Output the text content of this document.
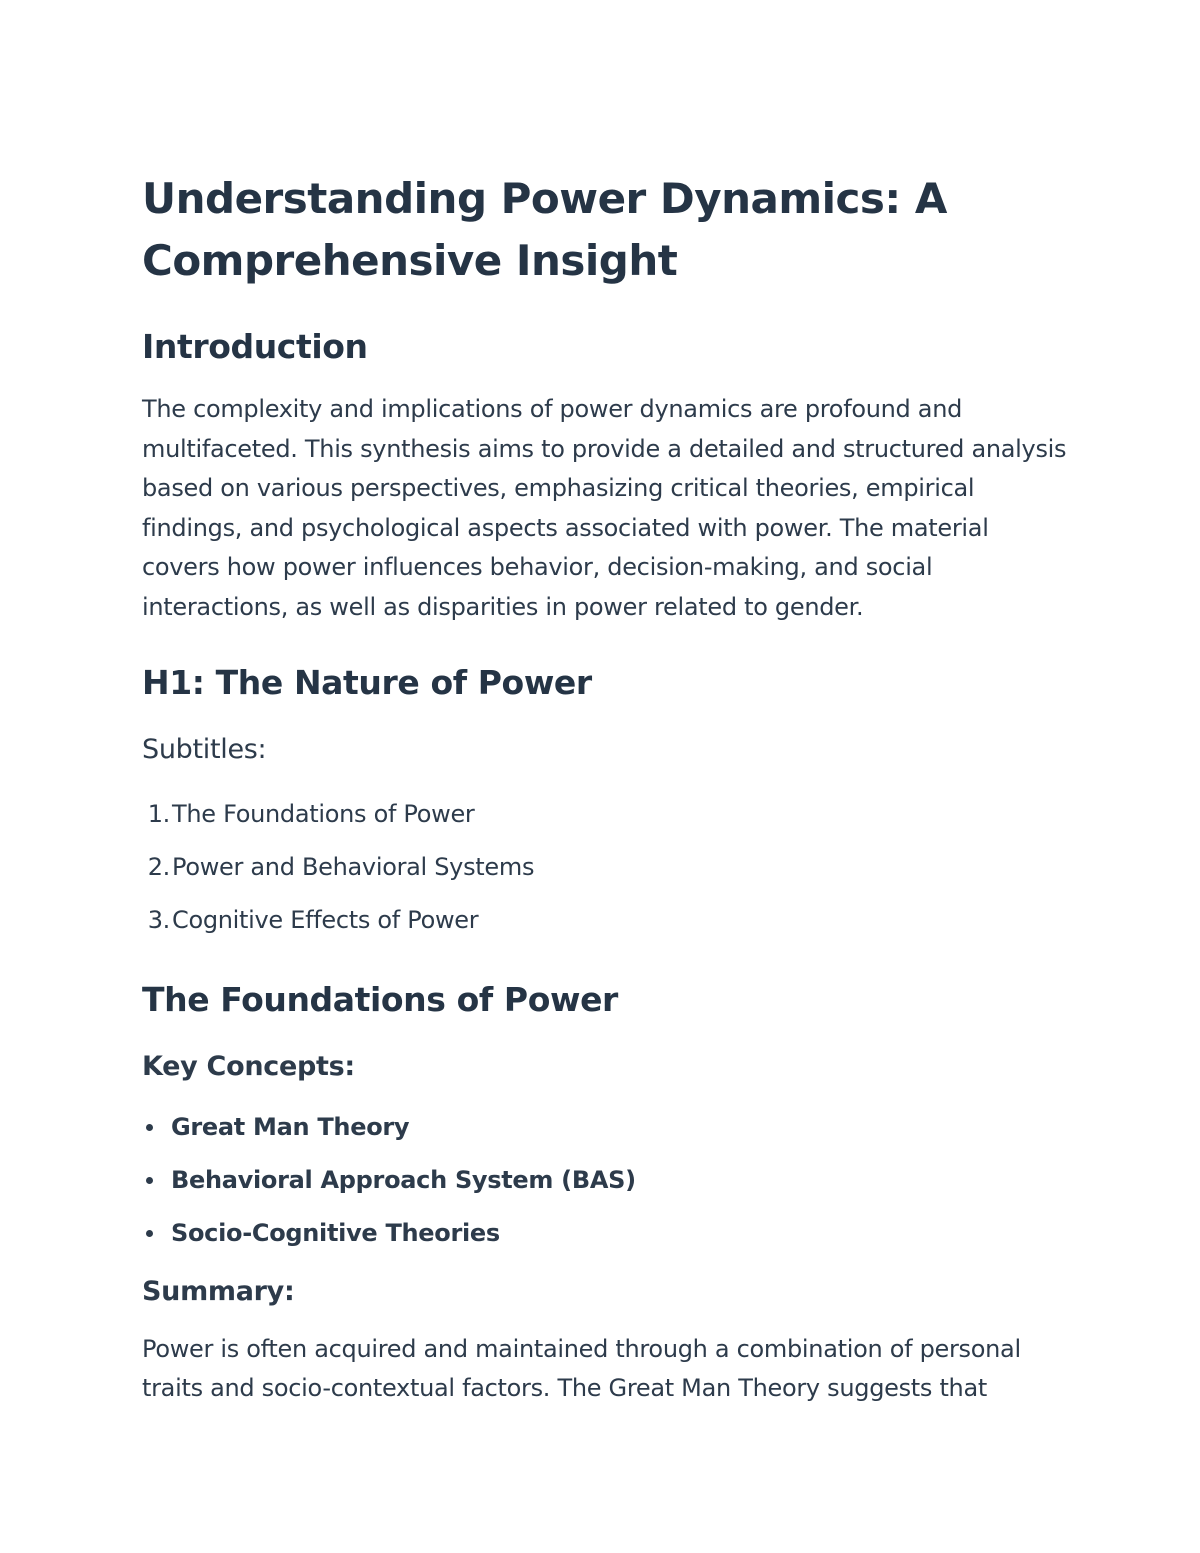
Understanding Power Dynamics: A Comprehensive Insight
Introduction

The complexity and implications of power dynamics are profound and multifaceted. This synthesis aims to provide a detailed and structured analysis based on various perspectives, emphasizing critical theories, empirical findings, and psychological aspects associated with power. The material covers how power influences behavior, decision-making, and social interactions, as well as disparities in power related to gender.

H1: The Nature of Power
Subtitles:
1. The Foundations of Power
2. Power and Behavioral Systems
3. Cognitive Effects of Power
The Foundations of Power
Key Concepts:
Great Man Theory
Behavioral Approach System (BAS)
Socio-Cognitive Theories
Summary:

Power is often acquired and maintained through a combination of personal traits and socio-contextual factors. The Great Man Theory suggests that
